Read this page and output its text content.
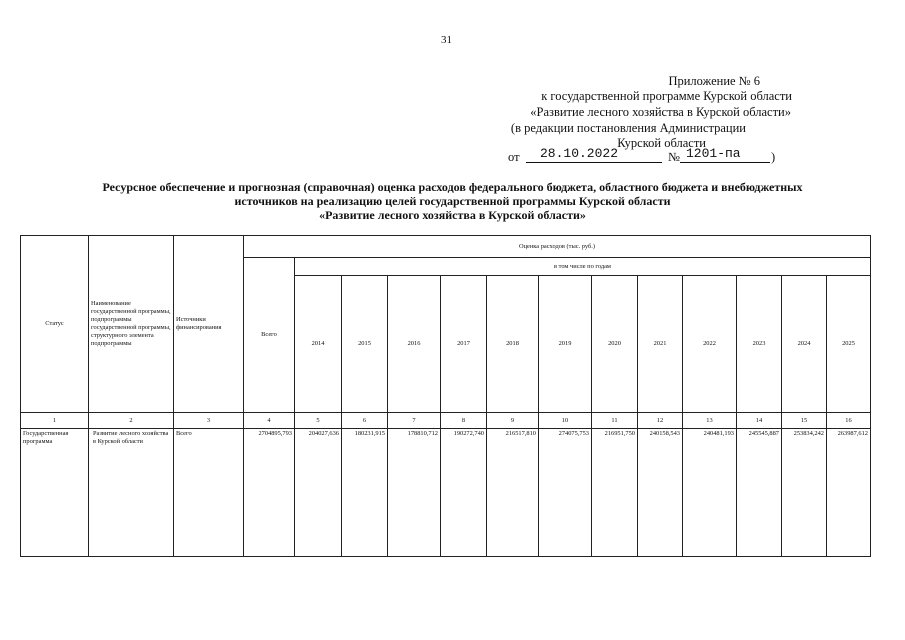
31
Приложение № 6
к государственной программе Курской области
«Развитие лесного хозяйства в Курской области»
(в редакции постановления Администрации
Курской области
от 28.10.2022	№ 1201-па )
Ресурсное обеспечение и прогнозная (справочная) оценка расходов федерального бюджета, областного бюджета и внебюджетных
источников на реализацию целей государственной программы Курской области
«Развитие лесного хозяйства в Курской области»
Статус	Наименование государственной программы, подпрограммы государственной программы, структурного элемента подпрограммы	Источники финансирования	Оценка расходов (тыс. руб.)												
			Всего	в том числе по годам											
				2014	2015	2016	2017	2018	2019	2020	2021	2022	2023	2024	2025

1	2	3	4	5	6	7	8	9	10	11	12	13	14	15	16
Государственная программа	Развитие лесного хозяйства в Курской области	Всего	2704895,793	204027,636	180231,915	178810,712	190272,740	216517,810	274075,753	216951,750	240158,543	240481,193	245545,887	253834,242	263987,612
